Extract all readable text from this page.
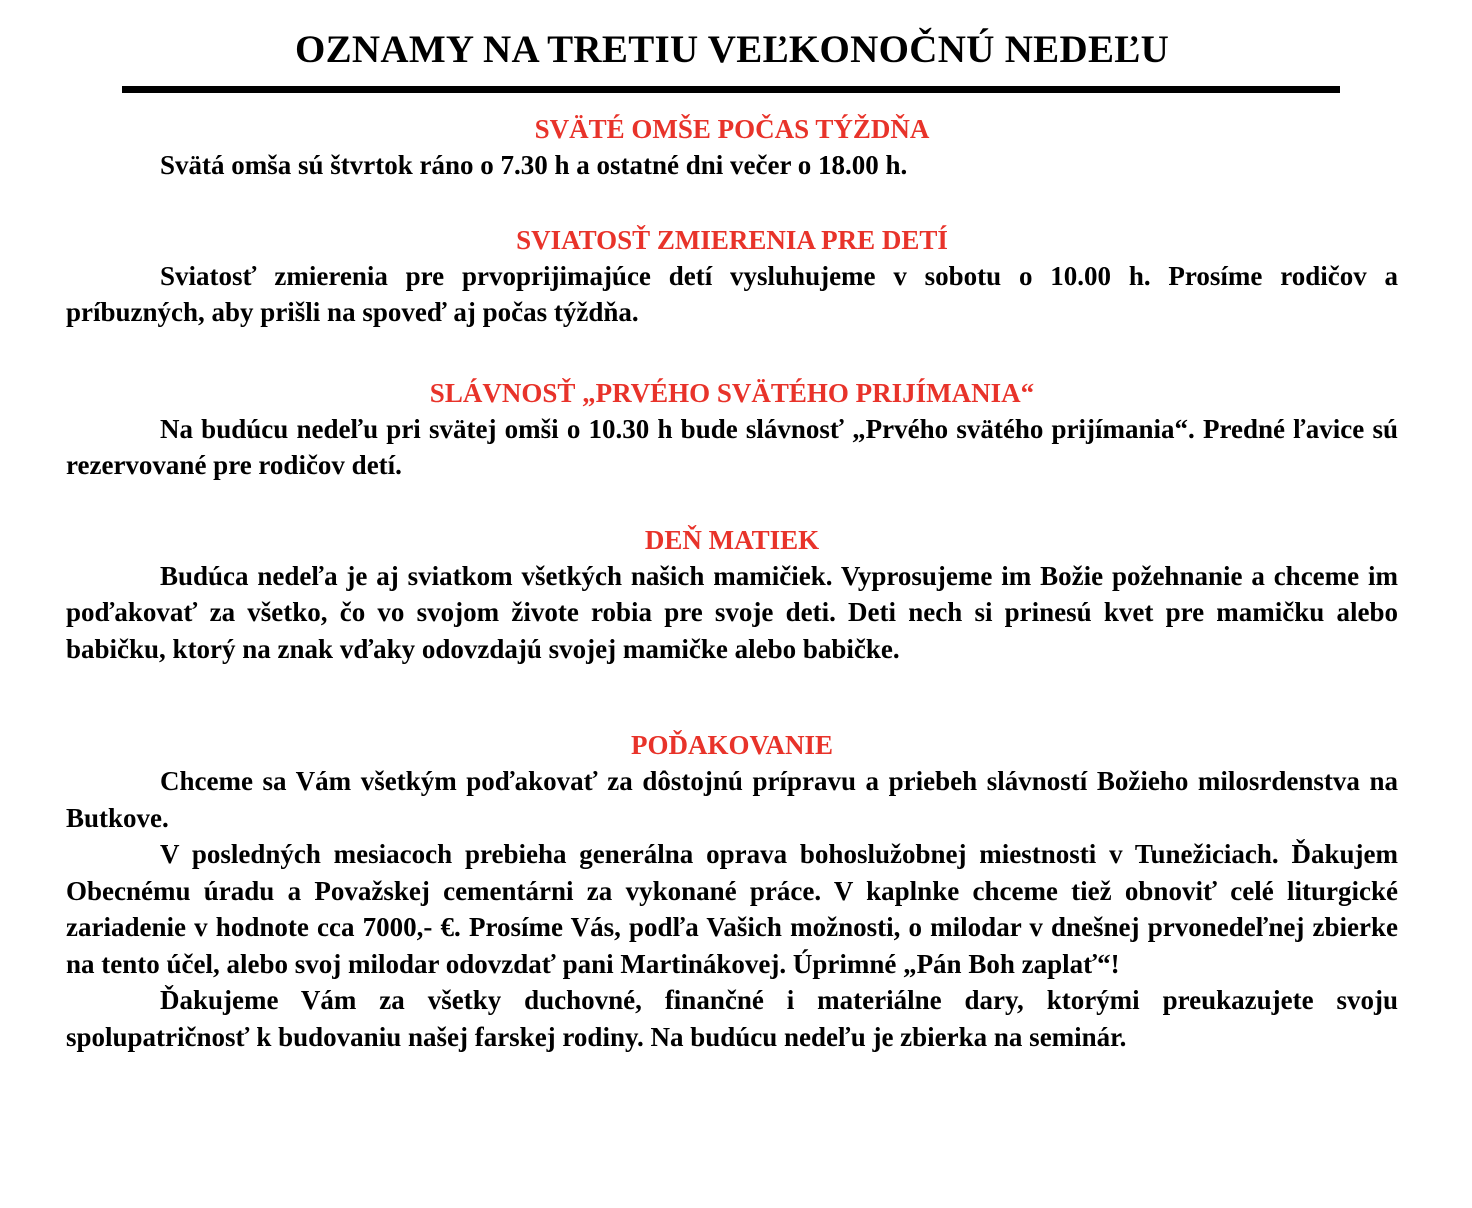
OZNAMY NA TRETIU VEĽKONOČNÚ NEDEĽU
SVÄTÉ OMŠE POČAS TÝŽDŇA

Svätá omša sú štvrtok ráno o 7.30 h a ostatné dni večer o 18.00 h.

SVIATOSŤ ZMIERENIA PRE DETÍ

Sviatosť zmierenia pre prvoprijimajúce detí vysluhujeme v sobotu o 10.00 h. Prosíme rodičov a príbuzných, aby prišli na spoveď aj počas týždňa.

SLÁVNOSŤ „PRVÉHO SVÄTÉHO PRIJÍMANIA“

Na budúcu nedeľu pri svätej omši o 10.30 h bude slávnosť „Prvého svätého prijímania“. Predné ľavice sú rezervované pre rodičov detí.

DEŇ MATIEK

Budúca nedeľa je aj sviatkom všetkých našich mamičiek. Vyprosujeme im Božie požehnanie a chceme im poďakovať za všetko, čo vo svojom živote robia pre svoje deti. Deti nech si prinesú kvet pre mamičku alebo babičku, ktorý na znak vďaky odovzdajú svojej mamičke alebo babičke.

POĎAKOVANIE

Chceme sa Vám všetkým poďakovať za dôstojnú prípravu a priebeh slávností Božieho milosrdenstva na Butkove.

V posledných mesiacoch prebieha generálna oprava bohoslužobnej miestnosti v Tunežiciach. Ďakujem Obecnému úradu a Považskej cementárni za vykonané práce. V kaplnke chceme tiež obnoviť celé liturgické zariadenie v hodnote cca 7000,- €. Prosíme Vás, podľa Vašich možnosti, o milodar v dnešnej prvonedeľnej zbierke na tento účel, alebo svoj milodar odovzdať pani Martinákovej. Úprimné „Pán Boh zaplať“!

Ďakujeme Vám za všetky duchovné, finančné i materiálne dary, ktorými preukazujete svoju spolupatričnosť k budovaniu našej farskej rodiny. Na budúcu nedeľu je zbierka na seminár.
